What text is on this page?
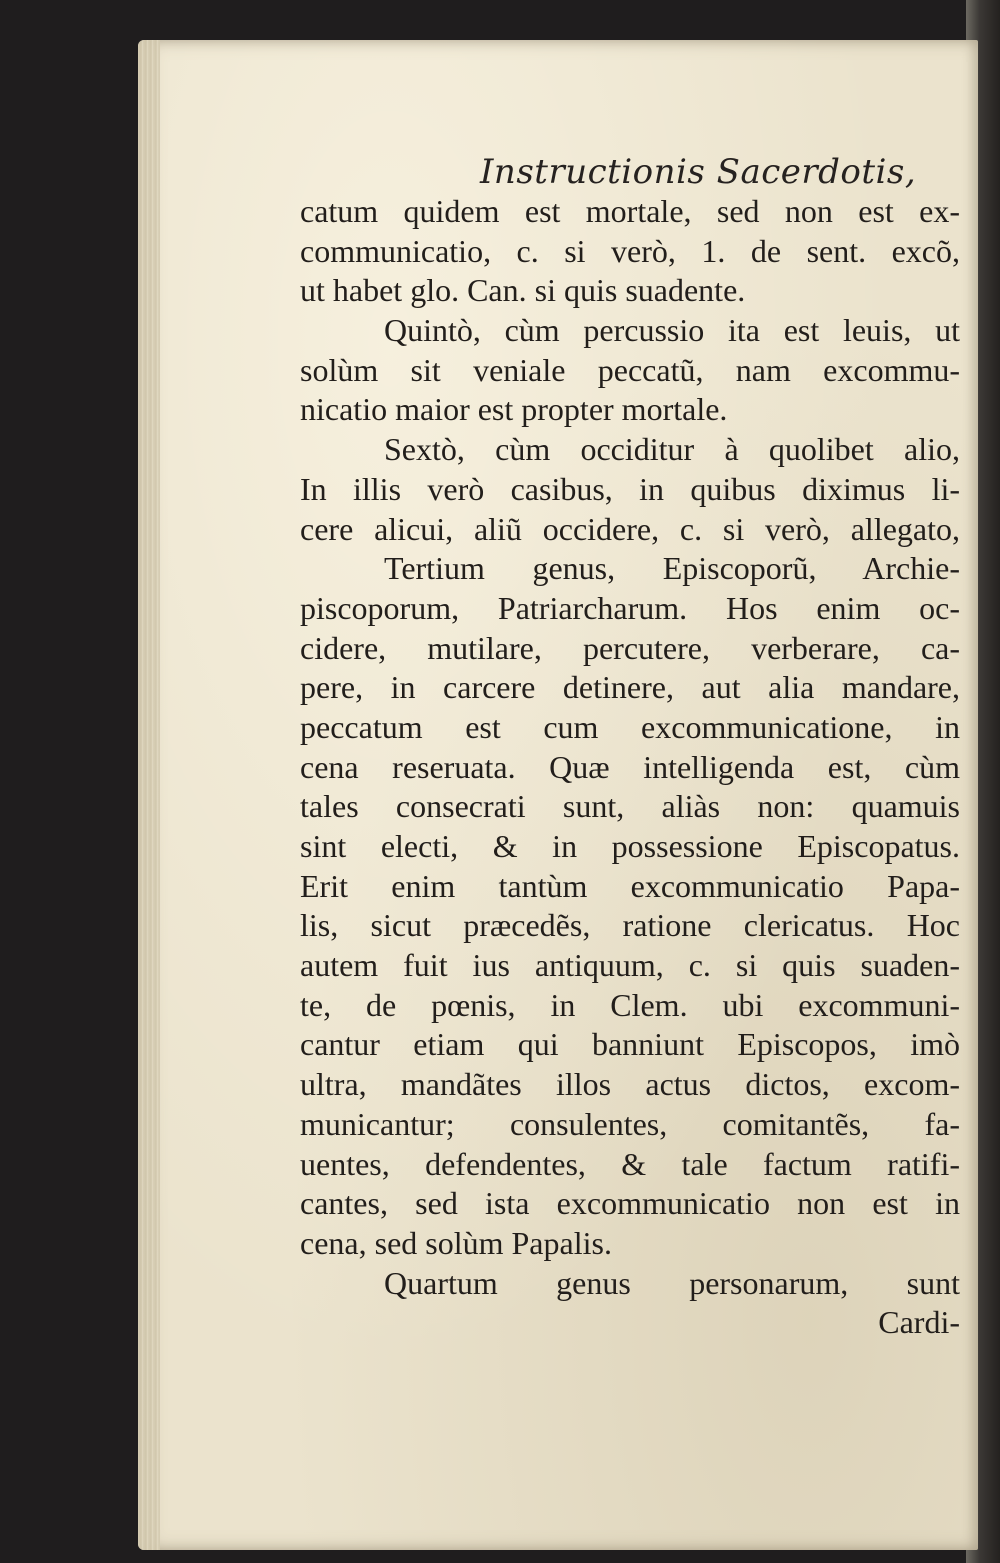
Instructionis Sacerdotis,
catum quidem est mortale, sed non est ex-
communicatio, c. si verò, 1. de sent. excõ,
ut habet glo. Can. si quis suadente.
Quintò, cùm percussio ita est leuis, ut
solùm sit veniale peccatũ, nam excommu-
nicatio maior est propter mortale.
Sextò, cùm occiditur à quolibet alio,
In illis verò casibus, in quibus diximus li-
cere alicui, aliũ occidere, c. si verò, allegato,
Tertium genus, Episcoporũ, Archie-
piscoporum, Patriarcharum. Hos enim oc-
cidere, mutilare, percutere, verberare, ca-
pere, in carcere detinere, aut alia mandare,
peccatum est cum excommunicatione, in
cena reseruata. Quæ intelligenda est, cùm
tales consecrati sunt, aliàs non: quamuis
sint electi, & in possessione Episcopatus.
Erit enim tantùm excommunicatio Papa-
lis, sicut præcedẽs, ratione clericatus. Hoc
autem fuit ius antiquum, c. si quis suaden-
te, de pœnis, in Clem. ubi excommuni-
cantur etiam qui banniunt Episcopos, imò
ultra, mandãtes illos actus dictos, excom-
municantur; consulentes, comitantẽs, fa-
uentes, defendentes, & tale factum ratifi-
cantes, sed ista excommunicatio non est in
cena, sed solùm Papalis.
Quartum genus personarum, sunt
Cardi-
